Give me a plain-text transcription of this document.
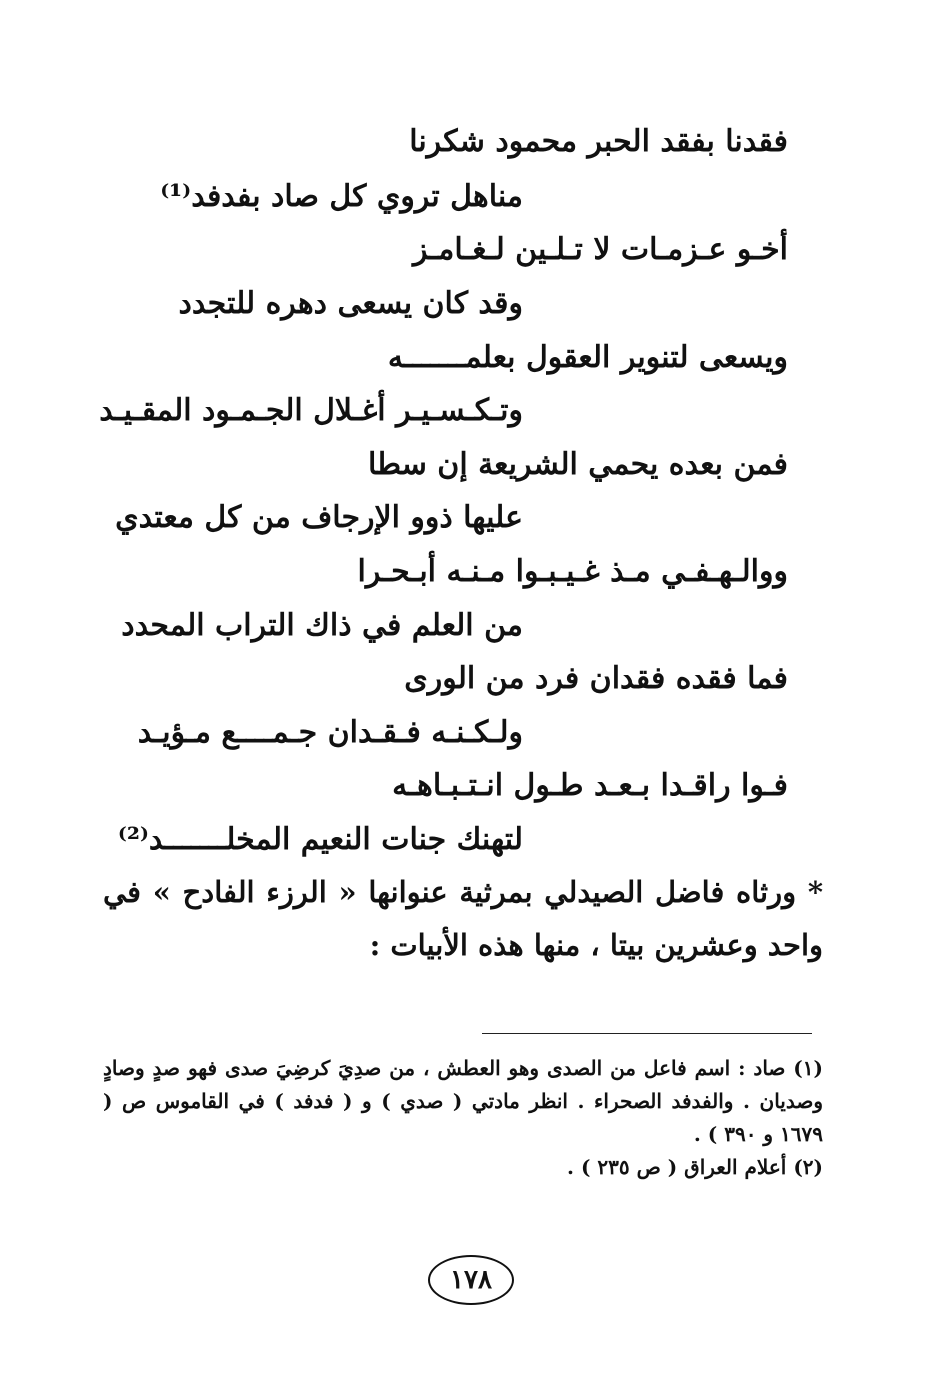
فقدنا بفقد الحبر محمود شكرنا
مناهل تروي كل صاد بفدفد⁽¹⁾
أخـو عـزمـات لا تـلـين لـغـامـز
وقد كان يسعى دهره للتجدد
ويسعى لتنوير العقول بعلمـــــــه
وتـكـسـيـر أغـلال الجـمـود المقـيـد
فمن بعده يحمي الشريعة إن سطا
عليها ذوو الإرجاف من كل معتدي
ووالـهـفـي مـذ غـيـبـوا مـنـه أبـحـرا
من العلم في ذاك التراب المحدد
فما فقده فقدان فرد من الورى
ولـكـنـه فـقـدان جـمــــع مـؤيـد
فـوا راقـدا بـعـد طـول انـتـبـاهـه
لتهنك جنات النعيم المخلـــــــد⁽²⁾
* ورثاه فاضل الصيدلي بمرثية عنوانها « الرزء الفادح » في واحد وعشرين بيتا ، منها هذه الأبيات :

(١) صاد : اسم فاعل من الصدى وهو العطش ، من صدِيَ كرضِيَ صدى فهو صدٍ وصادٍ وصديان . والفدفد الصحراء . انظر مادتي ( صدي ) و ( فدفد ) في القاموس ص ( ١٦٧٩ و ٣٩٠ ) .

(٢) أعلام العراق ( ص ٢٣٥ ) .

١٧٨
